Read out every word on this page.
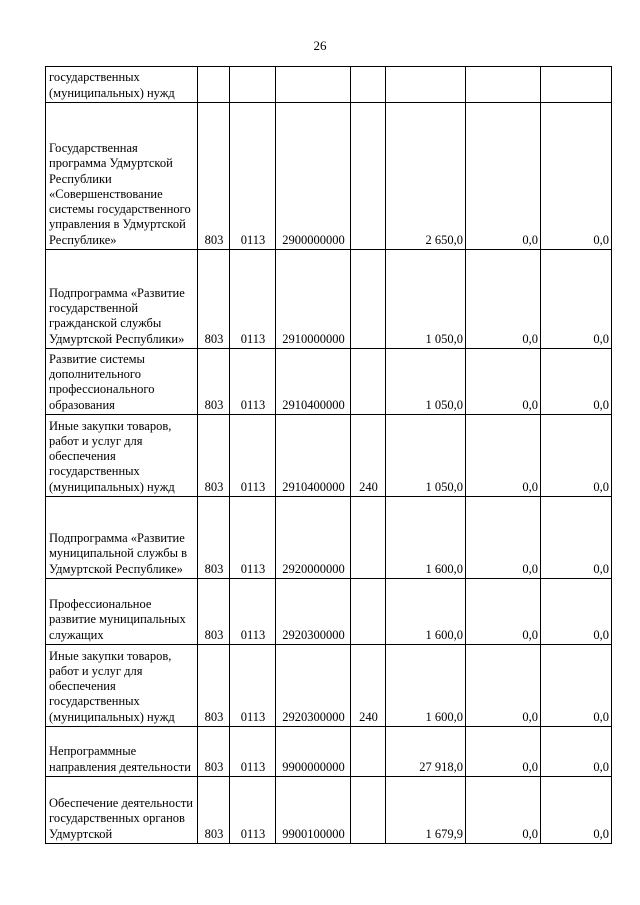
26
государственных (муниципальных) нужд							

Государственная программа Удмуртской Республики «Совершенствование системы государственного управления в Удмуртской Республике»	803	0113	2900000000		2 650,0	0,0	0,0

Подпрограмма «Развитие государственной гражданской службы Удмуртской Республики»	803	0113	2910000000		1 050,0	0,0	0,0

Развитие системы дополнительного профессионального образования	803	0113	2910400000		1 050,0	0,0	0,0

Иные закупки товаров, работ и услуг для обеспечения государственных (муниципальных) нужд	803	0113	2910400000	240	1 050,0	0,0	0,0

Подпрограмма «Развитие муниципальной службы в Удмуртской Республике»	803	0113	2920000000		1 600,0	0,0	0,0

Профессиональное развитие муниципальных служащих	803	0113	2920300000		1 600,0	0,0	0,0

Иные закупки товаров, работ и услуг для обеспечения государственных (муниципальных) нужд	803	0113	2920300000	240	1 600,0	0,0	0,0

Непрограммные направления деятельности	803	0113	9900000000		27 918,0	0,0	0,0

Обеспечение деятельности государственных органов Удмуртской	803	0113	9900100000		1 679,9	0,0	0,0
